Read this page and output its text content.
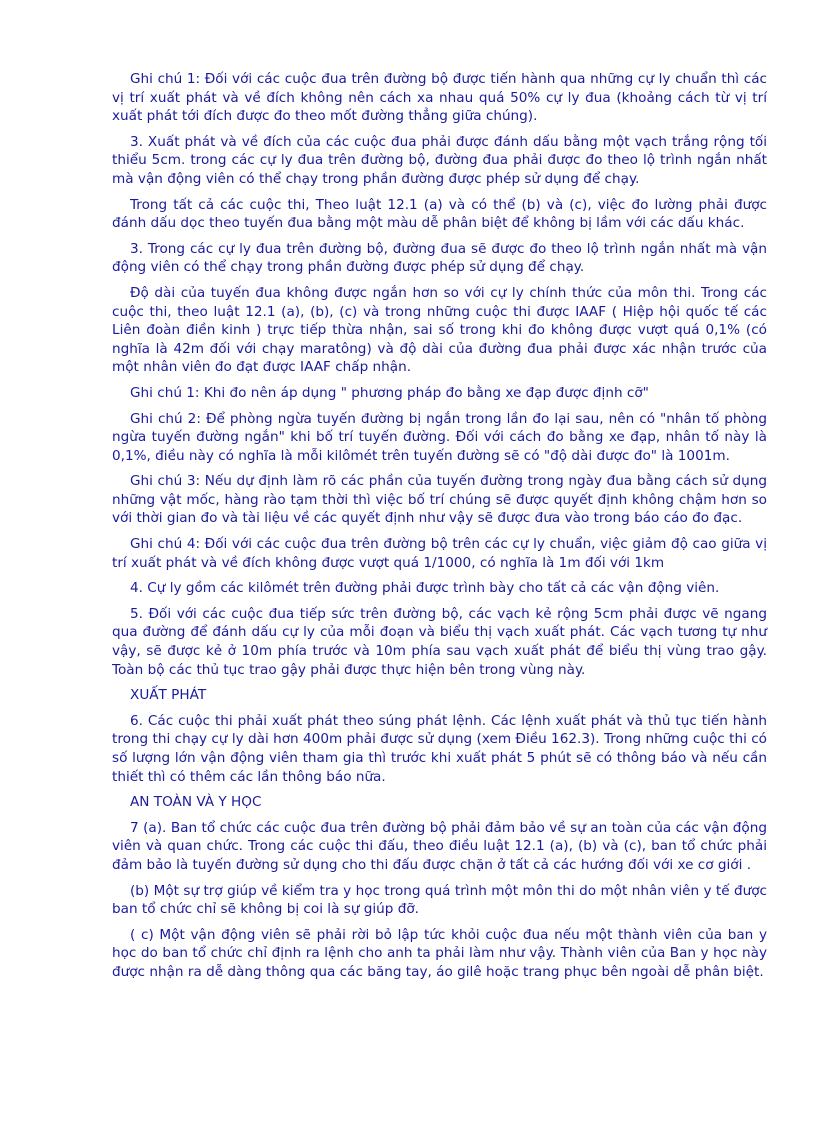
Ghi chú 1: Đối với các cuộc đua trên đường bộ được tiến hành qua những cự ly chuẩn thì các vị trí xuất phát và về đích không nên cách xa nhau quá 50% cự ly đua (khoảng cách từ vị trí xuất phát tới đích được đo theo mốt đường thẳng giữa chúng).

3. Xuất phát và về đích của các cuộc đua phải được đánh dấu bằng một vạch trắng rộng tối thiểu 5cm. trong các cự ly đua trên đường bộ, đường đua phải được đo theo lộ trình ngắn nhất mà vận động viên có thể chạy trong phần đường được phép sử dụng để chạy.

Trong tất cả các cuộc thi, Theo luật 12.1 (a) và có thể (b) và (c), việc đo lường phải được đánh dấu dọc theo tuyến đua bằng một màu dễ phân biệt để không bị lầm với các dấu khác.

3. Trong các cự ly đua trên đường bộ, đường đua sẽ được đo theo lộ trình ngắn nhất mà vận động viên có thể chạy trong phần đường được phép sử dụng để chạy.

Độ dài của tuyến đua không được ngắn hơn so với cự ly chính thức của môn thi. Trong các cuộc thi, theo luật 12.1 (a), (b), (c) và trong những cuộc thi được IAAF ( Hiệp hội quốc tế các Liên đoàn điền kinh ) trực tiếp thừa nhận, sai số trong khi đo không được vượt quá 0,1% (có nghĩa là 42m đối với chạy maratông) và độ dài của đường đua phải được xác nhận trước của một nhân viên đo đạt được IAAF chấp nhận.

Ghi chú 1: Khi đo nên áp dụng " phương pháp đo bằng xe đạp được định cỡ"

Ghi chú 2: Để phòng ngừa tuyến đường bị ngắn trong lần đo lại sau, nên có "nhân tố phòng ngừa tuyến đường ngắn" khi bố trí tuyến đường. Đối với cách đo bằng xe đạp, nhân tố này là 0,1%, điều này có nghĩa là mỗi kilômét trên tuyến đường sẽ có "độ dài được đo" là 1001m.

Ghi chú 3: Nếu dự định làm rõ các phần của tuyến đường trong ngày đua bằng cách sử dụng những vật mốc, hàng rào tạm thời thì việc bố trí chúng sẽ được quyết định không chậm hơn so với thời gian đo và tài liệu về các quyết định như vậy sẽ được đưa vào trong báo cáo đo đạc.

Ghi chú 4: Đối với các cuộc đua trên đường bộ trên các cự ly chuẩn, việc giảm độ cao giữa vị trí xuất phát và về đích không được vượt quá 1/1000, có nghĩa là 1m đối với 1km

4. Cự ly gồm các kilômét trên đường phải được trình bày cho tất cả các vận động viên.

5. Đối với các cuộc đua tiếp sức trên đường bộ, các vạch kẻ rộng 5cm phải được vẽ ngang qua đường để đánh dấu cự ly của mỗi đoạn và biểu thị vạch xuất phát. Các vạch tương tự như vậy, sẽ được kẻ ở 10m phía trước và 10m phía sau vạch xuất phát để biểu thị vùng trao gậy. Toàn bộ các thủ tục trao gậy phải được thực hiện bên trong vùng này.

XUẤT PHÁT

6. Các cuộc thi phải xuất phát theo súng phát lệnh. Các lệnh xuất phát và thủ tục tiến hành trong thi chạy cự ly dài hơn 400m phải được sử dụng (xem Điều 162.3). Trong những cuộc thi có số lượng lớn vận động viên tham gia thì trước khi xuất phát 5 phút sẽ có thông báo và nếu cần thiết thì có thêm các lần thông báo nữa.

AN TOÀN VÀ Y HỌC

7 (a). Ban tổ chức các cuộc đua trên đường bộ phải đảm bảo về sự an toàn của các vận động viên và quan chức. Trong các cuộc thi đấu, theo điều luật 12.1 (a), (b) và (c), ban tổ chức phải đảm bảo là tuyến đường sử dụng cho thi đấu được chặn ở tất cả các hướng đối với xe cơ giới .

(b) Một sự trợ giúp về kiểm tra y học trong quá trình một môn thi do một nhân viên y tế được ban tổ chức chỉ sẽ không bị coi là sự giúp đỡ.

( c) Một vận động viên sẽ phải rời bỏ lập tức khỏi cuộc đua nếu một thành viên của ban y học do ban tổ chức chỉ định ra lệnh cho anh ta phải làm như vậy. Thành viên của Ban y học này được nhận ra dễ dàng thông qua các băng tay, áo gilê hoặc trang phục bên ngoài dễ phân biệt.
